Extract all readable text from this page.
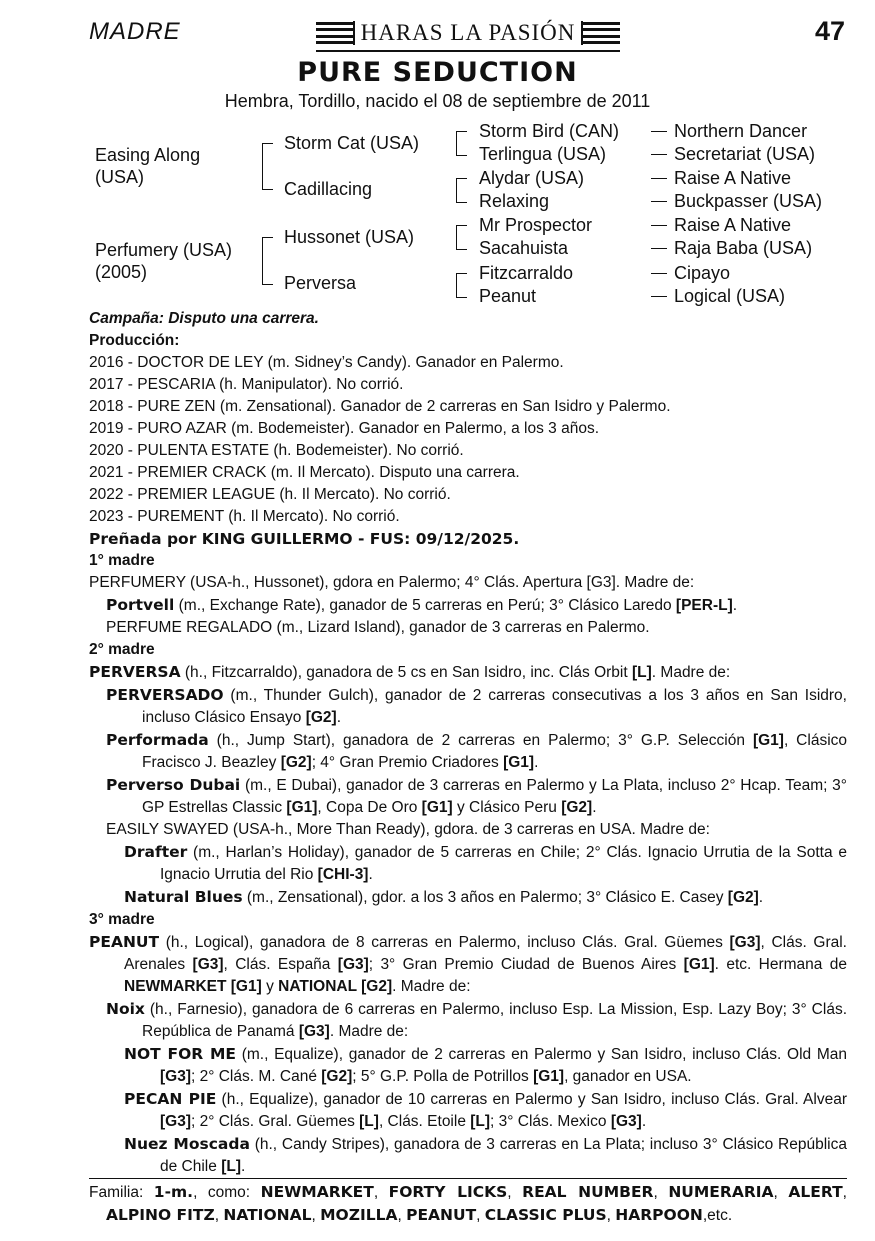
MADRE	HARAS LA PASIÓN	47
PURE SEDUCTION
Hembra, Tordillo, nacido el 08 de septiembre de 2011
Easing Along
(USA)
Perfumery (USA)
(2005)
Storm Cat (USA)
Cadillacing
Hussonet (USA)
Perversa
Storm Bird (CAN)
Terlingua (USA)
Alydar (USA)
Relaxing
Mr Prospector
Sacahuista
Fitzcarraldo
Peanut
Northern Dancer
Secretariat (USA)
Raise A Native
Buckpasser (USA)
Raise A Native
Raja Baba (USA)
Cipayo
Logical (USA)

Campaña: Disputo una carrera.

Producción:

2016 - DOCTOR DE LEY (m. Sidney’s Candy). Ganador en Palermo.

2017 - PESCARIA (h. Manipulator). No corrió.

2018 - PURE ZEN (m. Zensational). Ganador de 2 carreras en San Isidro y Palermo.

2019 - PURO AZAR (m. Bodemeister). Ganador en Palermo, a los 3 años.

2020 - PULENTA ESTATE (h. Bodemeister). No corrió.

2021 - PREMIER CRACK (m. Il Mercato). Disputo una carrera.

2022 - PREMIER LEAGUE (h. Il Mercato). No corrió.

2023 - PUREMENT (h. Il Mercato). No corrió.

Preñada por KING GUILLERMO - FUS: 09/12/2025.

1° madre

PERFUMERY (USA-h., Hussonet), gdora en Palermo; 4° Clás. Apertura [G3]. Madre de:

Portvell (m., Exchange Rate), ganador de 5 carreras en Perú; 3° Clásico Laredo [PER-L].

PERFUME REGALADO (m., Lizard Island), ganador de 3 carreras en Palermo.

2° madre

PERVERSA (h., Fitzcarraldo), ganadora de 5 cs en San Isidro, inc. Clás Orbit [L]. Madre de:

PERVERSADO (m., Thunder Gulch), ganador de 2 carreras consecutivas a los 3 años en San Isidro, incluso Clásico Ensayo [G2].

Performada (h., Jump Start), ganadora de 2 carreras en Palermo; 3° G.P. Selección [G1], Clásico Fracisco J. Beazley [G2]; 4° Gran Premio Criadores [G1].

Perverso Dubai (m., E Dubai), ganador de 3 carreras en Palermo y La Plata, incluso 2° Hcap. Team; 3° GP Estrellas Classic [G1], Copa De Oro [G1] y Clásico Peru [G2].

EASILY SWAYED (USA-h., More Than Ready), gdora. de 3 carreras en USA. Madre de:

Drafter (m., Harlan’s Holiday), ganador de 5 carreras en Chile; 2° Clás. Ignacio Urrutia de la Sotta e Ignacio Urrutia del Rio [CHI-3].

Natural Blues (m., Zensational), gdor. a los 3 años en Palermo; 3° Clásico E. Casey [G2].

3° madre

PEANUT (h., Logical), ganadora de 8 carreras en Palermo, incluso Clás. Gral. Güemes [G3], Clás. Gral. Arenales [G3], Clás. España [G3]; 3° Gran Premio Ciudad de Buenos Aires [G1]. etc. Hermana de NEWMARKET [G1] y NATIONAL [G2]. Madre de:

Noix (h., Farnesio), ganadora de 6 carreras en Palermo, incluso Esp. La Mission, Esp. Lazy Boy; 3° Clás. República de Panamá [G3]. Madre de:

NOT FOR ME (m., Equalize), ganador de 2 carreras en Palermo y San Isidro, incluso Clás. Old Man [G3]; 2° Clás. M. Cané [G2]; 5° G.P. Polla de Potrillos [G1], ganador en USA.

PECAN PIE (h., Equalize), ganador de 10 carreras en Palermo y San Isidro, incluso Clás. Gral. Alvear [G3]; 2° Clás. Gral. Güemes [L], Clás. Etoile [L]; 3° Clás. Mexico [G3].

Nuez Moscada (h., Candy Stripes), ganadora de 3 carreras en La Plata; incluso 3° Clásico República de Chile [L].

Familia: 1-m., como: NEWMARKET, FORTY LICKS, REAL NUMBER, NUMERARIA, ALERT, ALPINO FITZ, NATIONAL, MOZILLA, PEANUT, CLASSIC PLUS, HARPOON,etc.
